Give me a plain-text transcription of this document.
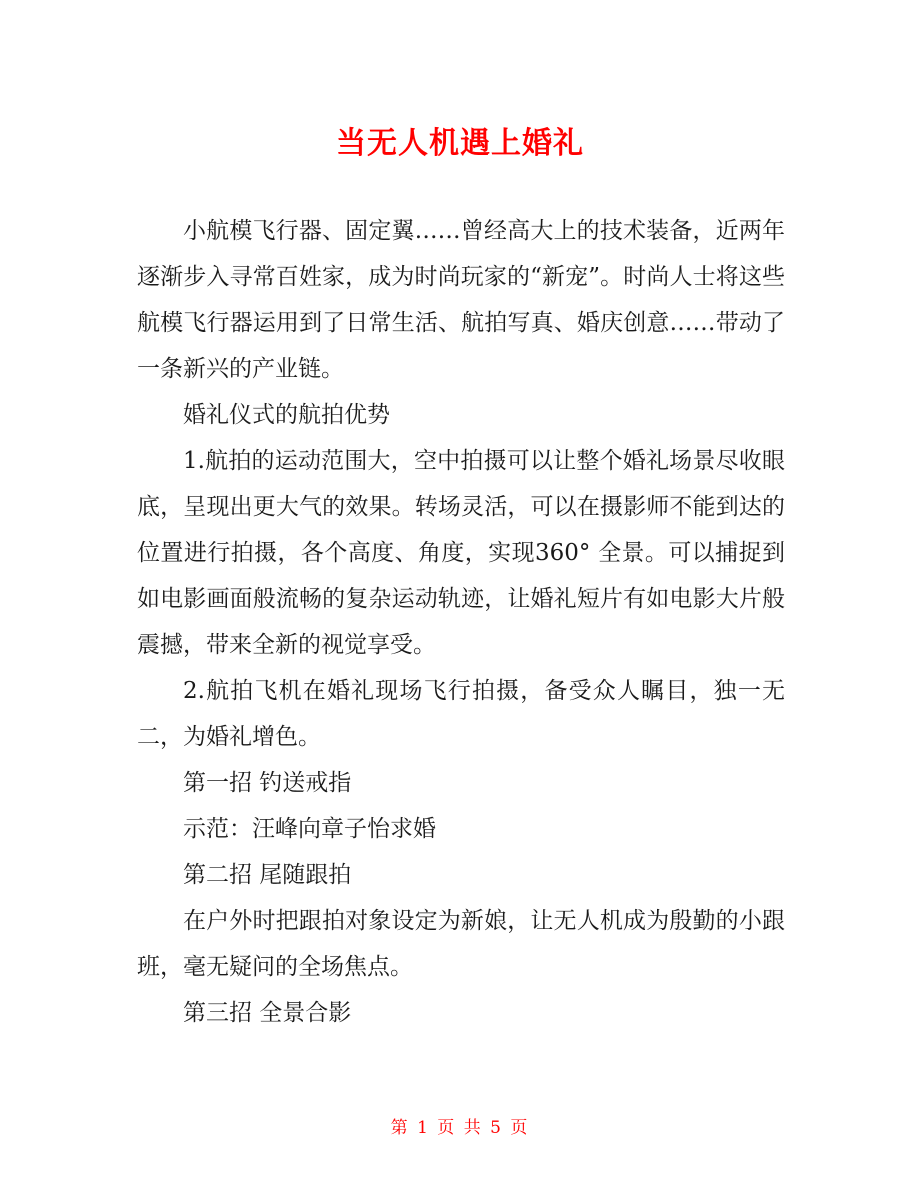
当无人机遇上婚礼

小航模飞行器、固定翼……曾经高大上的技术装备，近两年逐渐步入寻常百姓家，成为时尚玩家的“新宠”。时尚人士将这些航模飞行器运用到了日常生活、航拍写真、婚庆创意……带动了一条新兴的产业链。

婚礼仪式的航拍优势

1.航拍的运动范围大，空中拍摄可以让整个婚礼场景尽收眼底，呈现出更大气的效果。转场灵活，可以在摄影师不能到达的位置进行拍摄，各个高度、角度，实现360° 全景。可以捕捉到如电影画面般流畅的复杂运动轨迹，让婚礼短片有如电影大片般震撼，带来全新的视觉享受。

2.航拍飞机在婚礼现场飞行拍摄，备受众人瞩目，独一无二，为婚礼增色。

第一招 钓送戒指

示范：汪峰向章子怡求婚

第二招 尾随跟拍

在户外时把跟拍对象设定为新娘，让无人机成为殷勤的小跟班，毫无疑问的全场焦点。

第三招 全景合影

第 1 页 共 5 页
